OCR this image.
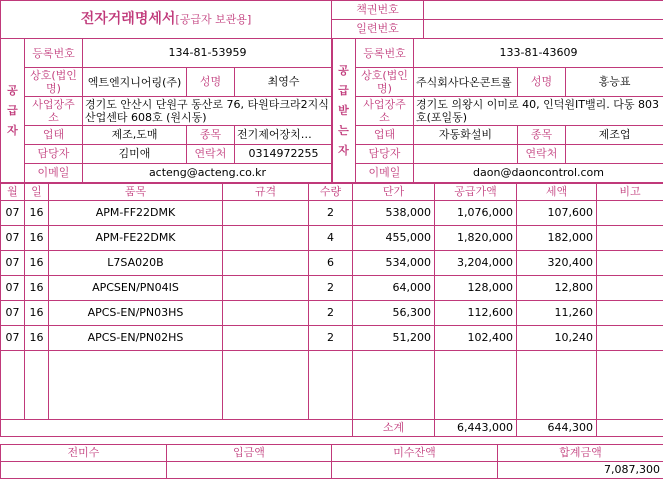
전자거래명세서[공급자 보관용]	책권번호	
	일련번호	
공
급
자	등록번호	134-81-53959		
	상호(법인명)	엑트엔지니어링(주)	성명	최영수
	사업장주소	경기도 안산시 단원구 동산로 76, 타원타크라2지식산업센타 608호 (원시동)		
	업태	제조,도매	종목	전기제어장치…
	담당자	김미애	연락처	0314972255
	이메일	acteng@acteng.co.kr		
공
급
받
는
자	등록번호	133-81-43609		
	상호(법인명)	주식회사다온콘트롤	성명	홍능표
	사업장주소	경기도 의왕시 이미로 40, 인덕원IT밸리. 다동 803호(포일동)		
	업태	자동화설비	종목	제조업
	담당자		연락처	
	이메일	daon@daoncontrol.com		
월	일	품목	규격	수량	단가	공급가액	세액	비고
07	16	APM-FF22DMK		2	538,000	1,076,000	107,600	
07	16	APM-FE22DMK		4	455,000	1,820,000	182,000	
07	16	L7SA020B		6	534,000	3,204,000	320,400	
07	16	APCSEN/PN04IS		2	64,000	128,000	12,800	
07	16	APCS-EN/PN03HS		2	56,300	112,600	11,260	
07	16	APCS-EN/PN02HS		2	51,200	102,400	10,240	

					소계	6,443,000	644,300	
전미수	입금액	미수잔액	합계금액
			7,087,300
